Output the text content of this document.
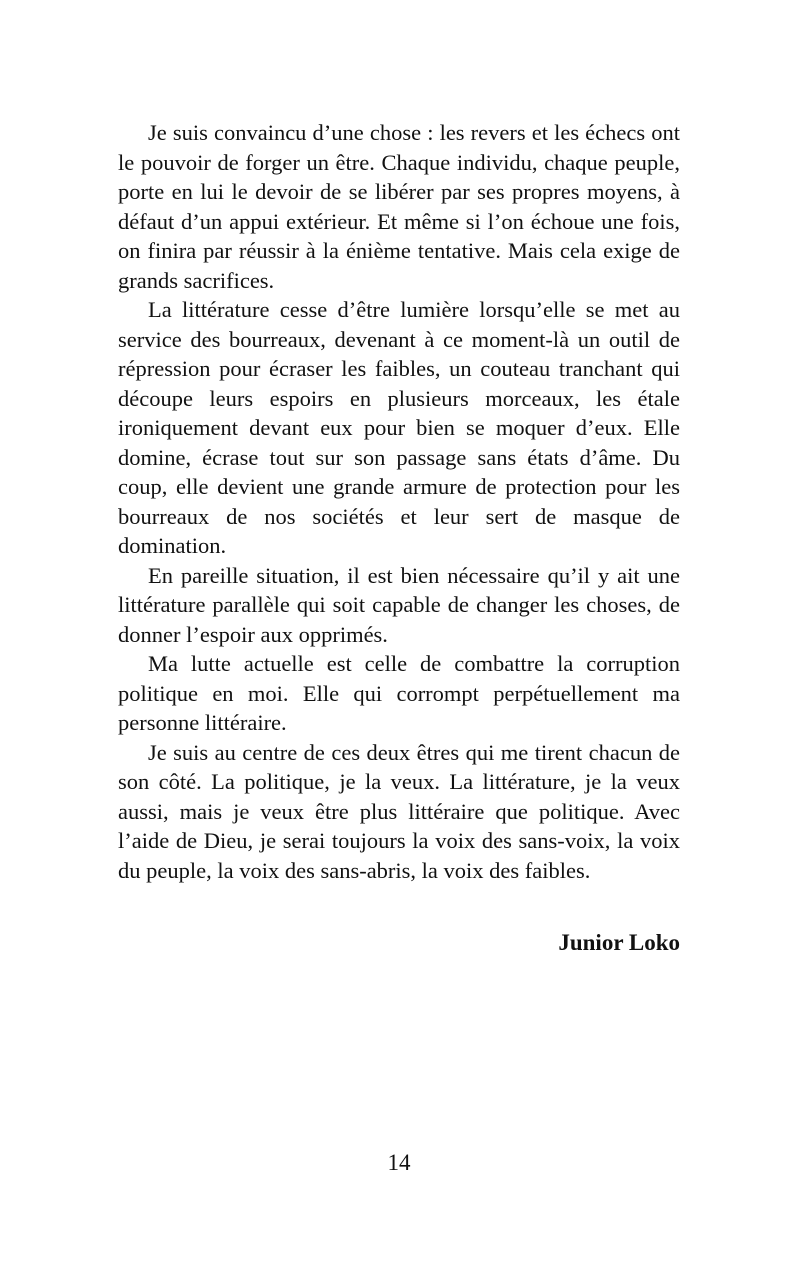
Je suis convaincu d’une chose : les revers et les échecs ont le pouvoir de forger un être. Chaque individu, chaque peuple, porte en lui le devoir de se libérer par ses propres moyens, à défaut d’un appui extérieur. Et même si l’on échoue une fois, on finira par réussir à la énième tentative. Mais cela exige de grands sacrifices.

La littérature cesse d’être lumière lorsqu’elle se met au service des bourreaux, devenant à ce moment-là un outil de répression pour écraser les faibles, un couteau tranchant qui découpe leurs espoirs en plusieurs morceaux, les étale ironiquement devant eux pour bien se moquer d’eux. Elle domine, écrase tout sur son passage sans états d’âme. Du coup, elle devient une grande armure de protection pour les bourreaux de nos sociétés et leur sert de masque de domination.

En pareille situation, il est bien nécessaire qu’il y ait une littérature parallèle qui soit capable de changer les choses, de donner l’espoir aux opprimés.

Ma lutte actuelle est celle de combattre la corruption politique en moi. Elle qui corrompt perpétuellement ma personne littéraire.

Je suis au centre de ces deux êtres qui me tirent chacun de son côté. La politique, je la veux. La littérature, je la veux aussi, mais je veux être plus littéraire que politique. Avec l’aide de Dieu, je serai toujours la voix des sans-voix, la voix du peuple, la voix des sans-abris, la voix des faibles.

Junior Loko

14
